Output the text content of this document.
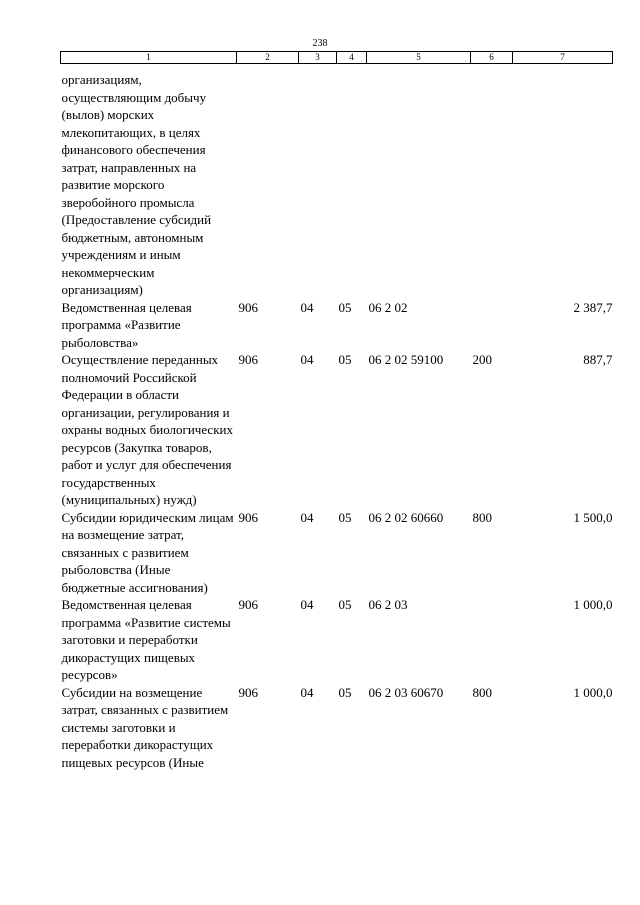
238
1	2	3	4	5	6	7
организациям, осуществляющим добычу (вылов) морских млекопитающих, в целях финансового обеспечения затрат, направленных на развитие морского зверобойного промысла (Предоставление субсидий бюджетным, автономным учреждениям и иным некоммерческим организациям)						
Ведомственная целевая программа «Развитие рыболовства»	906	04	05	06 2 02		2 387,7
Осуществление переданных полномочий Российской Федерации в области организации, регулирования и охраны водных биологических ресурсов (Закупка товаров, работ и услуг для обеспечения государственных (муниципальных) нужд)	906	04	05	06 2 02 59100	200	887,7
Субсидии юридическим лицам на возмещение затрат, связанных с развитием рыболовства (Иные бюджетные ассигнования)	906	04	05	06 2 02 60660	800	1 500,0
Ведомственная целевая программа «Развитие системы заготовки и переработки дикорастущих пищевых ресурсов»	906	04	05	06 2 03		1 000,0
Субсидии на возмещение затрат, связанных с развитием системы заготовки и переработки дикорастущих пищевых ресурсов (Иные	906	04	05	06 2 03 60670	800	1 000,0
